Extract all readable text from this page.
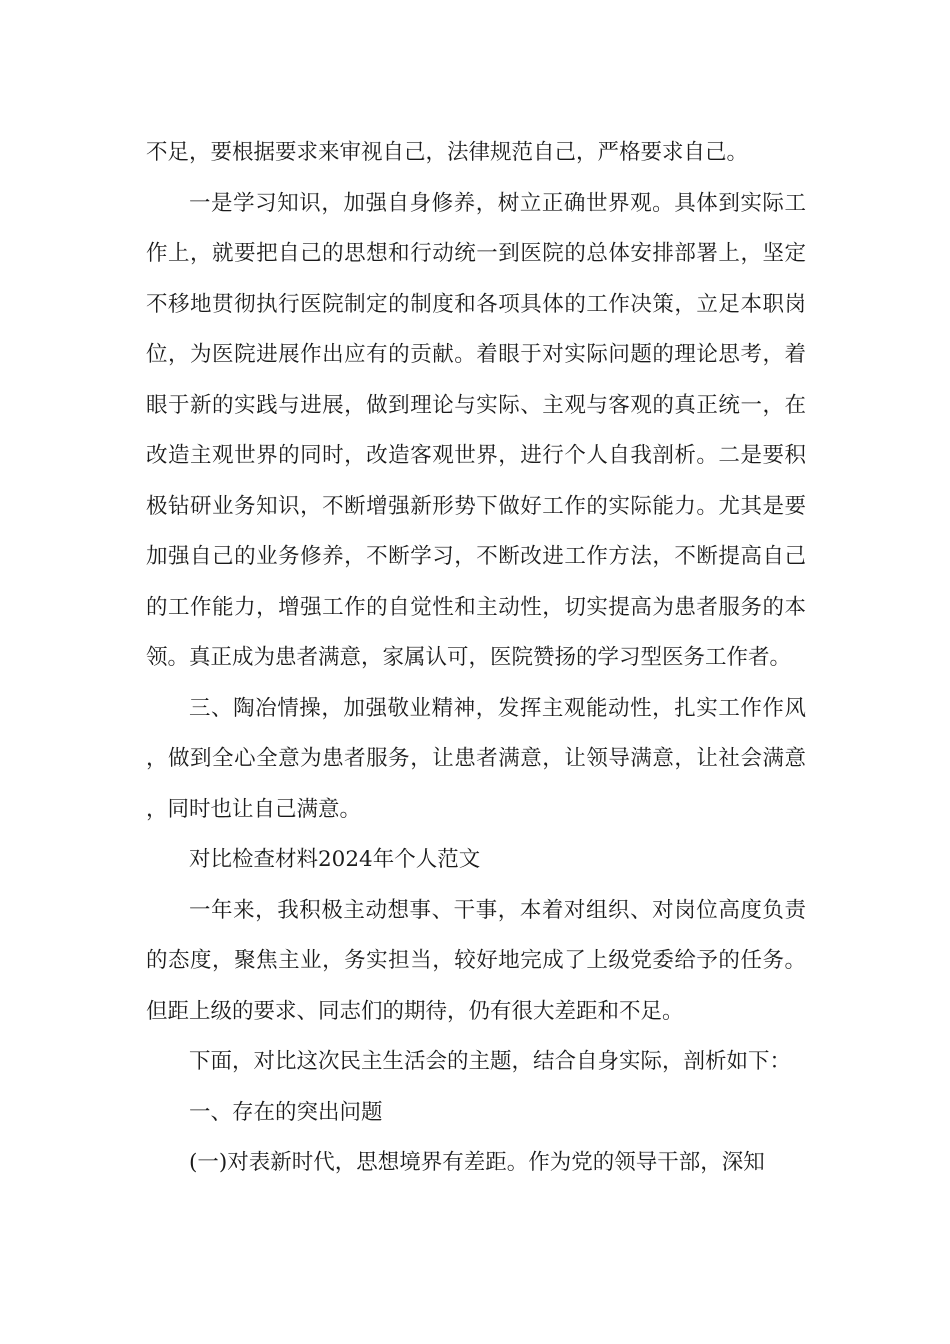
不足，要根据要求来审视自己，法律规范自己，严格要求自己。

一是学习知识，加强自身修养，树立正确世界观。具体到实际工作上，就要把自己的思想和行动统一到医院的总体安排部署上，坚定不移地贯彻执行医院制定的制度和各项具体的工作决策，立足本职岗位，为医院进展作出应有的贡献。着眼于对实际问题的理论思考，着眼于新的实践与进展，做到理论与实际、主观与客观的真正统一，在改造主观世界的同时，改造客观世界，进行个人自我剖析。二是要积极钻研业务知识，不断增强新形势下做好工作的实际能力。尤其是要加强自己的业务修养，不断学习，不断改进工作方法，不断提高自己的工作能力，增强工作的自觉性和主动性，切实提高为患者服务的本领。真正成为患者满意，家属认可，医院赞扬的学习型医务工作者。

三、陶冶情操，加强敬业精神，发挥主观能动性，扎实工作作风，做到全心全意为患者服务，让患者满意，让领导满意，让社会满意，同时也让自己满意。

对比检查材料2024年个人范文

一年来，我积极主动想事、干事，本着对组织、对岗位高度负责的态度，聚焦主业，务实担当，较好地完成了上级党委给予的任务。但距上级的要求、同志们的期待，仍有很大差距和不足。

下面，对比这次民主生活会的主题，结合自身实际，剖析如下：

一、存在的突出问题

(一)对表新时代，思想境界有差距。作为党的领导干部，深知
